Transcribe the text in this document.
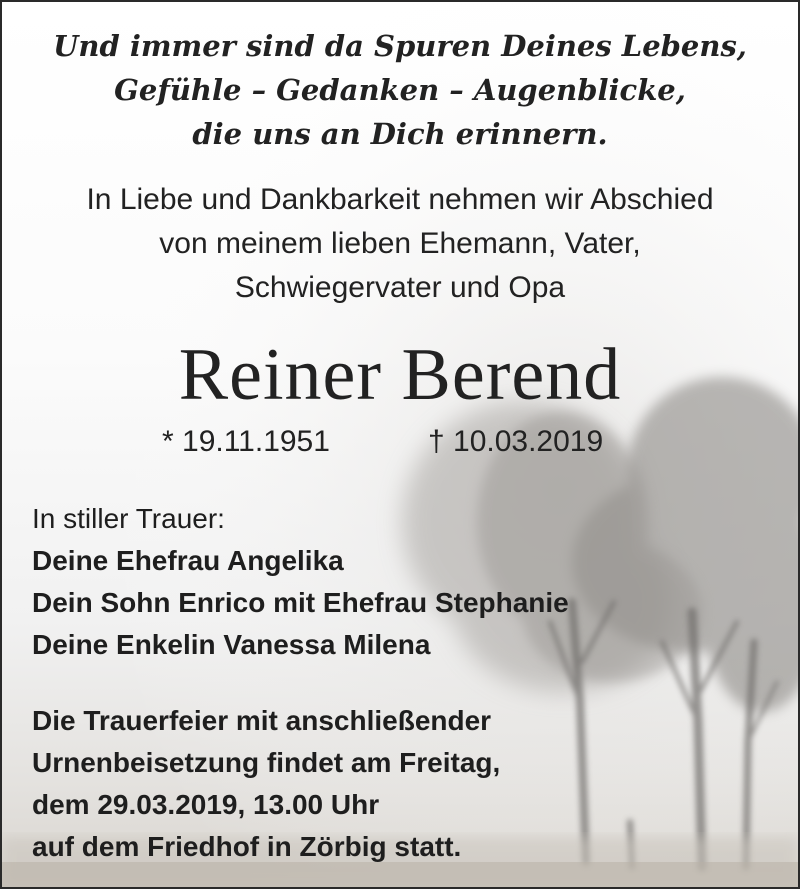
Und immer sind da Spuren Deines Lebens,
Gefühle – Gedanken – Augenblicke,
die uns an Dich erinnern.
In Liebe und Dankbarkeit nehmen wir Abschied
von meinem lieben Ehemann, Vater,
Schwiegervater und Opa
Reiner Berend
* 19.11.1951	† 10.03.2019
In stiller Trauer:
Deine Ehefrau Angelika
Dein Sohn Enrico mit Ehefrau Stephanie
Deine Enkelin Vanessa Milena
Die Trauerfeier mit anschließender
Urnenbeisetzung findet am Freitag,
dem 29.03.2019, 13.00 Uhr
auf dem Friedhof in Zörbig statt.
